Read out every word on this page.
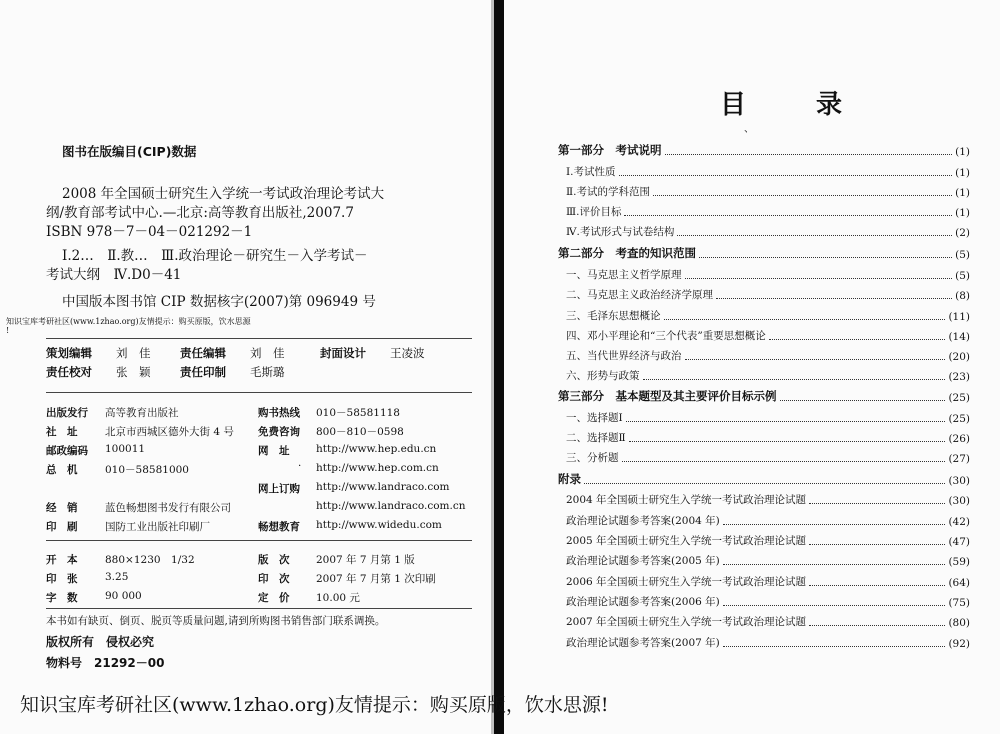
图书在版编目(CIP)数据
2008 年全国硕士研究生入学统一考试政治理论考试大
纲/教育部考试中心.—北京:高等教育出版社,2007.7
ISBN 978－7－04－021292－1
Ⅰ.2…　Ⅱ.教…　Ⅲ.政治理论－研究生－入学考试－
考试大纲　Ⅳ.D0－41
中国版本图书馆 CIP 数据核字(2007)第 096949 号
知识宝库考研社区(www.1zhao.org)友情提示：购买原版，饮水思源
!
策划编辑 刘　佳	责任编辑 刘　佳	封面设计 王凌波
责任校对 张　颖	责任印制 毛斯璐
出版发行 高等教育出版社	购书热线 010－58581118
社　址	北京市西城区德外大街 4 号 免费咨询 800－810－0598
邮政编码 100011	网　址	http://www.hep.edu.cn
总　机	010－58581000	· http://www.hep.com.cn
网上订购 http://www.landraco.com
经　销	蓝色畅想图书发行有限公司	http://www.landraco.com.cn
印　刷	国防工业出版社印刷厂	畅想教育 http://www.widedu.com
开　本	880×1230　1/32	版　次	2007 年 7 月第 1 版
印　张	3.25	印　次	2007 年 7 月第 1 次印刷
字　数	90 000	定　价	10.00 元
本书如有缺页、倒页、脱页等质量问题,请到所购图书销售部门联系调换。
版权所有　侵权必究
物料号　21292－00
目　录
、
第一部分　考试说明	(1)
Ⅰ.考试性质	(1)
Ⅱ.考试的学科范围	(1)
Ⅲ.评价目标	(1)
Ⅳ.考试形式与试卷结构	(2)
第二部分　考查的知识范围	(5)
一、马克思主义哲学原理	(5)
二、马克思主义政治经济学原理	(8)
三、毛泽东思想概论	(11)
四、邓小平理论和“三个代表”重要思想概论	(14)
五、当代世界经济与政治	(20)
六、形势与政策	(23)
第三部分　基本题型及其主要评价目标示例	(25)
一、选择题Ⅰ	(25)
二、选择题Ⅱ	(26)
三、分析题	(27)
附录	(30)
2004 年全国硕士研究生入学统一考试政治理论试题	(30)
政治理论试题参考答案(2004 年)	(42)
2005 年全国硕士研究生入学统一考试政治理论试题	(47)
政治理论试题参考答案(2005 年)	(59)
2006 年全国硕士研究生入学统一考试政治理论试题	(64)
政治理论试题参考答案(2006 年)	(75)
2007 年全国硕士研究生入学统一考试政治理论试题	(80)
政治理论试题参考答案(2007 年)	(92)
知识宝库考研社区(www.1zhao.org)友情提示：购买原版，饮水思源!
